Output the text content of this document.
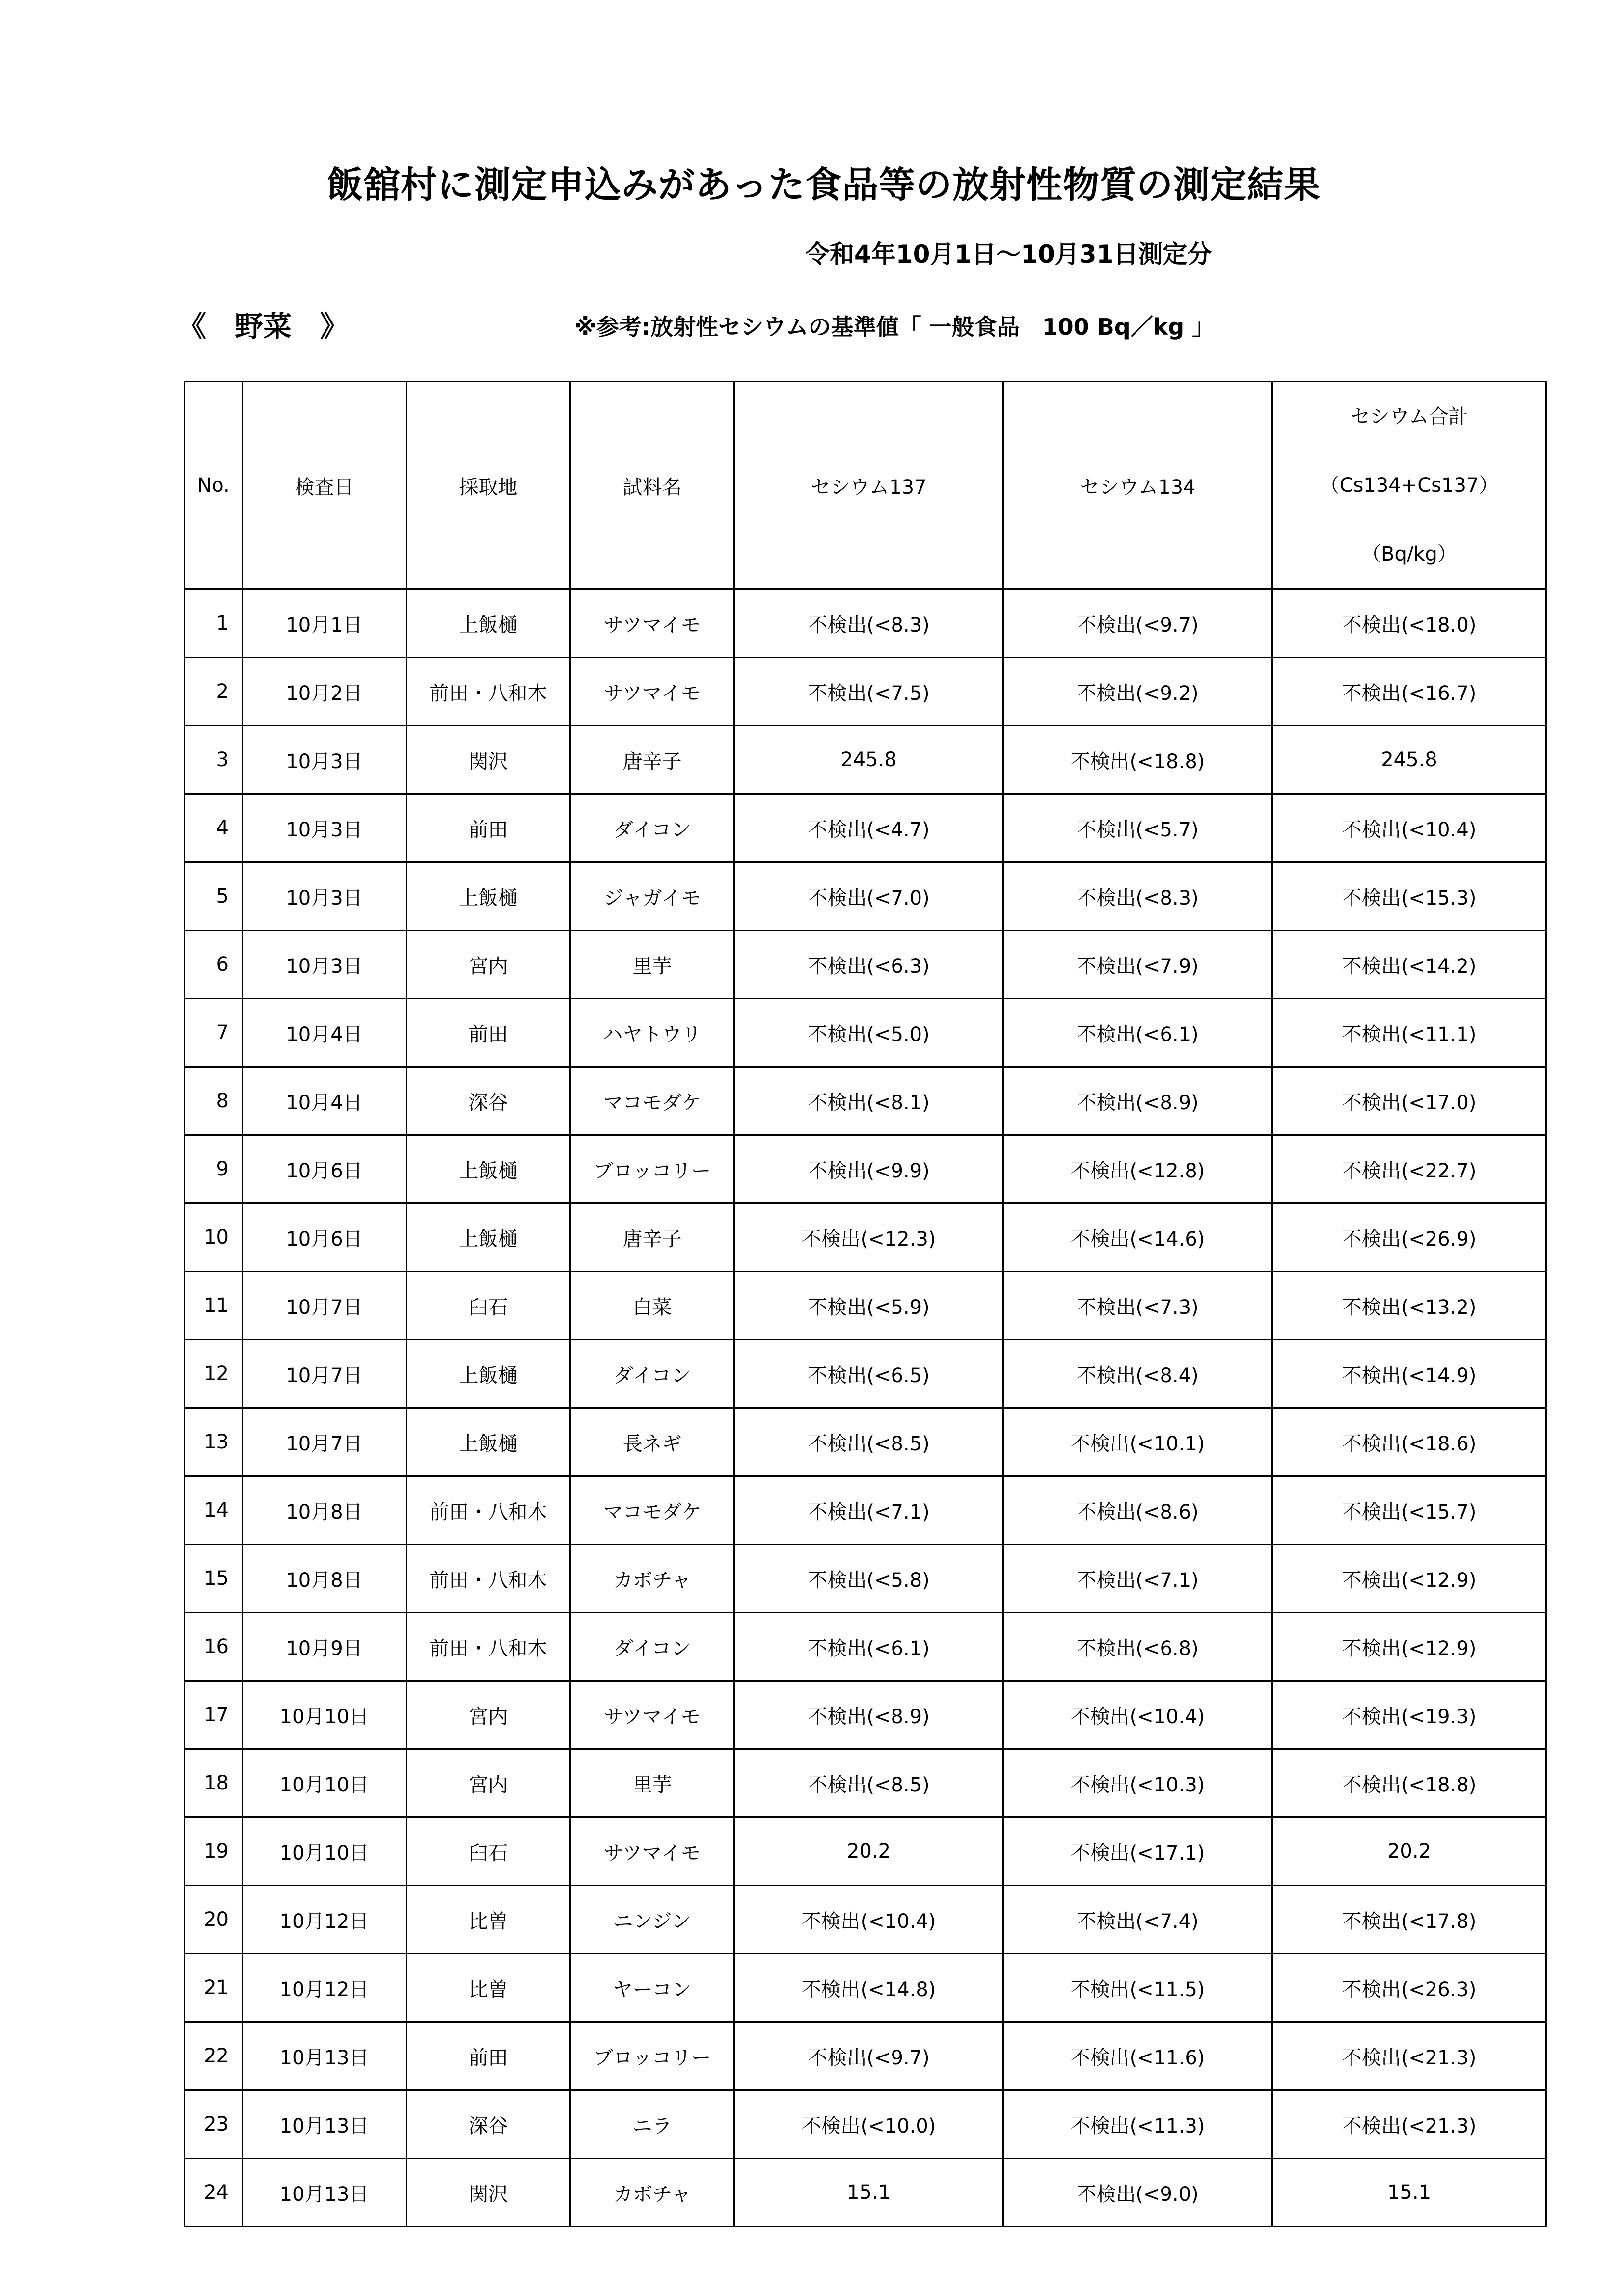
飯舘村に測定申込みがあった食品等の放射性物質の測定結果
令和4年10月1日～10月31日測定分
《　野菜　》	※参考:放射性セシウムの基準値「 一般食品　100 Bq／kg 」
No.	検査日	採取地	試料名	セシウム137	セシウム134	セシウム合計
（Cs134+Cs137）
（Bq/kg）

1	10月1日	上飯樋	サツマイモ	不検出(<8.3)	不検出(<9.7)	不検出(<18.0)
2	10月2日	前田・八和木	サツマイモ	不検出(<7.5)	不検出(<9.2)	不検出(<16.7)
3	10月3日	関沢	唐辛子	245.8	不検出(<18.8)	245.8
4	10月3日	前田	ダイコン	不検出(<4.7)	不検出(<5.7)	不検出(<10.4)
5	10月3日	上飯樋	ジャガイモ	不検出(<7.0)	不検出(<8.3)	不検出(<15.3)
6	10月3日	宮内	里芋	不検出(<6.3)	不検出(<7.9)	不検出(<14.2)
7	10月4日	前田	ハヤトウリ	不検出(<5.0)	不検出(<6.1)	不検出(<11.1)
8	10月4日	深谷	マコモダケ	不検出(<8.1)	不検出(<8.9)	不検出(<17.0)
9	10月6日	上飯樋	ブロッコリー	不検出(<9.9)	不検出(<12.8)	不検出(<22.7)
10	10月6日	上飯樋	唐辛子	不検出(<12.3)	不検出(<14.6)	不検出(<26.9)
11	10月7日	臼石	白菜	不検出(<5.9)	不検出(<7.3)	不検出(<13.2)
12	10月7日	上飯樋	ダイコン	不検出(<6.5)	不検出(<8.4)	不検出(<14.9)
13	10月7日	上飯樋	長ネギ	不検出(<8.5)	不検出(<10.1)	不検出(<18.6)
14	10月8日	前田・八和木	マコモダケ	不検出(<7.1)	不検出(<8.6)	不検出(<15.7)
15	10月8日	前田・八和木	カボチャ	不検出(<5.8)	不検出(<7.1)	不検出(<12.9)
16	10月9日	前田・八和木	ダイコン	不検出(<6.1)	不検出(<6.8)	不検出(<12.9)
17	10月10日	宮内	サツマイモ	不検出(<8.9)	不検出(<10.4)	不検出(<19.3)
18	10月10日	宮内	里芋	不検出(<8.5)	不検出(<10.3)	不検出(<18.8)
19	10月10日	臼石	サツマイモ	20.2	不検出(<17.1)	20.2
20	10月12日	比曽	ニンジン	不検出(<10.4)	不検出(<7.4)	不検出(<17.8)
21	10月12日	比曽	ヤーコン	不検出(<14.8)	不検出(<11.5)	不検出(<26.3)
22	10月13日	前田	ブロッコリー	不検出(<9.7)	不検出(<11.6)	不検出(<21.3)
23	10月13日	深谷	ニラ	不検出(<10.0)	不検出(<11.3)	不検出(<21.3)
24	10月13日	関沢	カボチャ	15.1	不検出(<9.0)	15.1
